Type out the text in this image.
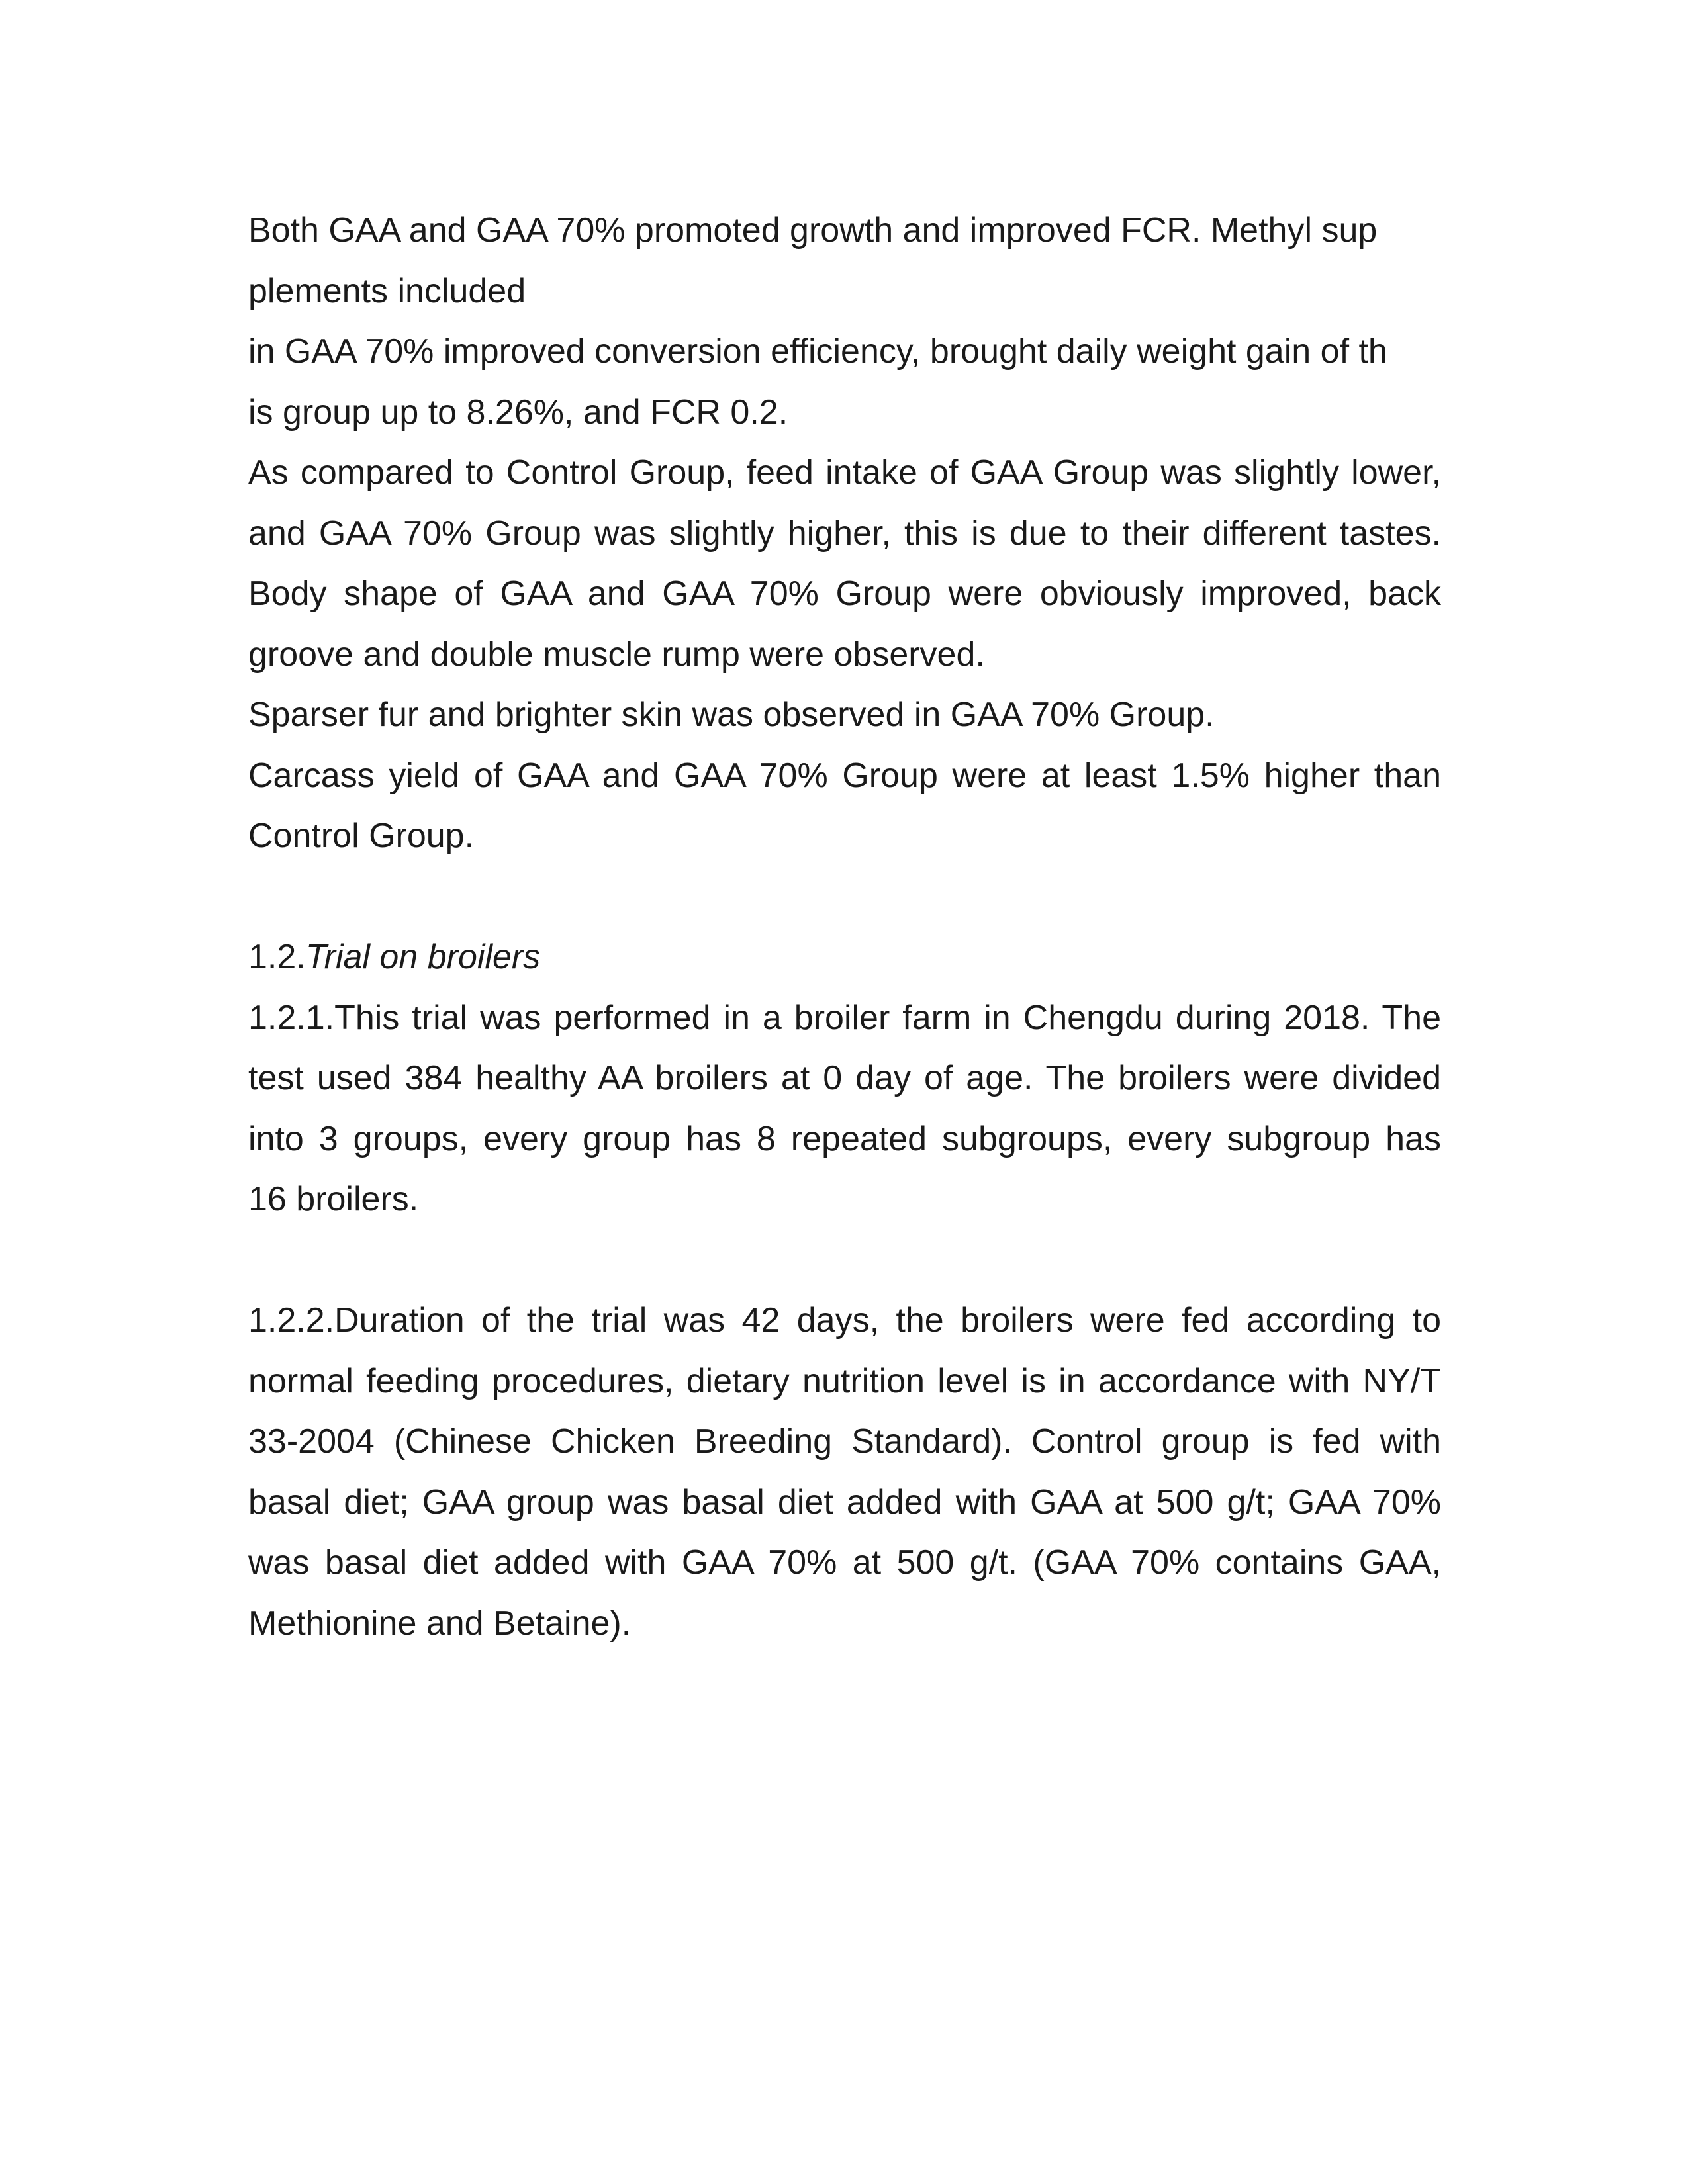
Both GAA and GAA 70% promoted growth and improved FCR. Methyl sup
plements included
in GAA 70% improved conversion efficiency, brought daily weight gain of th
is group up to 8.26%, and FCR 0.2.
As compared to Control Group, feed intake of GAA Group was slightly lower,
and GAA 70% Group was slightly higher, this is due to their different tastes.
Body shape of GAA and GAA 70% Group were obviously improved, back
groove and double muscle rump were observed.
Sparser fur and brighter skin was observed in GAA 70% Group.
Carcass yield of GAA and GAA 70% Group were at least 1.5% higher than
Control Group.
1.2.Trial on broilers
1.2.1.This trial was performed in a broiler farm in Chengdu during 2018. The
test used 384 healthy AA broilers at 0 day of age. The broilers were divided
into 3 groups, every group has 8 repeated subgroups, every subgroup has
16 broilers.
1.2.2.Duration of the trial was 42 days, the broilers were fed according to
normal feeding procedures, dietary nutrition level is in accordance with NY/T
33-2004 (Chinese Chicken Breeding Standard). Control group is fed with
basal diet; GAA group was basal diet added with GAA at 500 g/t; GAA 70%
was basal diet added with GAA 70% at 500 g/t. (GAA 70% contains GAA,
Methionine and Betaine).
